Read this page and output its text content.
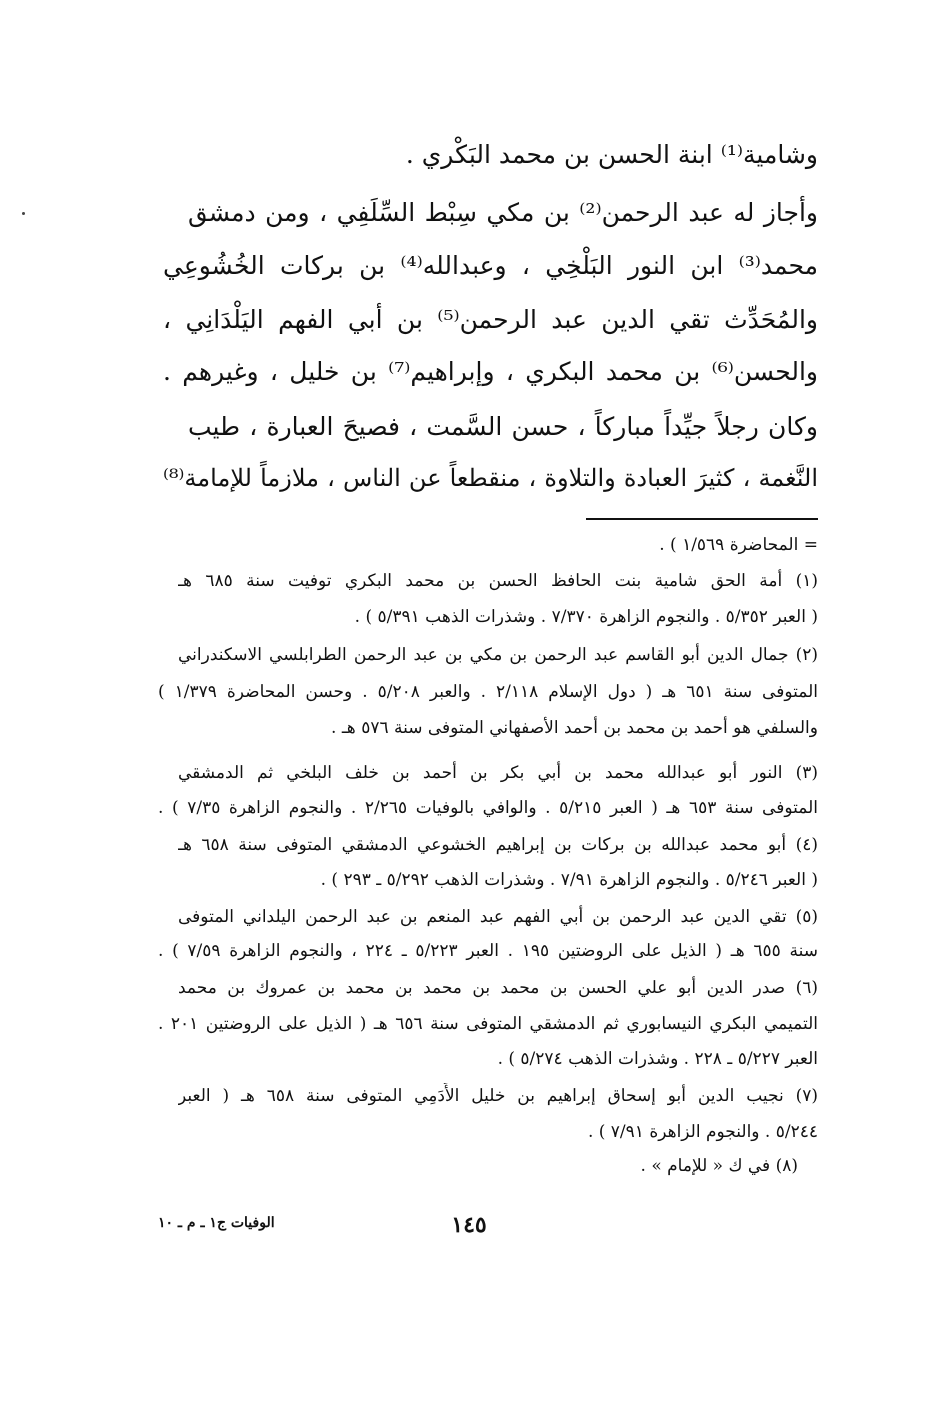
وشامية⁽¹⁾ ابنة الحسن بن محمد البَكْري .
وأجاز له عبد الرحمن⁽²⁾ بن مكي سِبْط السِّلَفِي ، ومن دمشق
محمد⁽³⁾ ابن النور البَلْخِي ، وعبدالله⁽⁴⁾ بن بركات الخُشُوعِي
والمُحَدِّث تقي الدين عبد الرحمن⁽⁵⁾ بن أبي الفهم اليَلْدَانِي ،
والحسن⁽⁶⁾ بن محمد البكري ، وإبراهيم⁽⁷⁾ بن خليل ، وغيرهم .
وكان رجلاً جيِّداً مباركاً ، حسن السَّمت ، فصيحَ العبارة ، طيب
النَّغمة ، كثيرَ العبادة والتلاوة ، منقطعاً عن الناس ، ملازماً للإمامة⁽⁸⁾
= المحاضرة ١/٥٦٩ ) .
(١) أمة الحق شامية بنت الحافظ الحسن بن محمد البكري توفيت سنة ٦٨٥ هـ
( العبر ٥/٣٥٢ . والنجوم الزاهرة ٧/٣٧٠ . وشذرات الذهب ٥/٣٩١ ) .
(٢) جمال الدين أبو القاسم عبد الرحمن بن مكي بن عبد الرحمن الطرابلسي الاسكندراني
المتوفى سنة ٦٥١ هـ ( دول الإسلام ٢/١١٨ . والعبر ٥/٢٠٨ . وحسن المحاضرة ١/٣٧٩ )
والسلفي هو أحمد بن محمد بن أحمد الأصفهاني المتوفى سنة ٥٧٦ هـ .
(٣) النور أبو عبدالله محمد بن أبي بكر بن أحمد بن خلف البلخي ثم الدمشقي
المتوفى سنة ٦٥٣ هـ ( العبر ٥/٢١٥ . والوافي بالوفيات ٢/٢٦٥ . والنجوم الزاهرة ٧/٣٥ ) .
(٤) أبو محمد عبدالله بن بركات بن إبراهيم الخشوعي الدمشقي المتوفى سنة ٦٥٨ هـ
( العبر ٥/٢٤٦ . والنجوم الزاهرة ٧/٩١ . وشذرات الذهب ٥/٢٩٢ ـ ٢٩٣ ) .
(٥) تقي الدين عبد الرحمن بن أبي الفهم عبد المنعم بن عبد الرحمن اليلداني المتوفى
سنة ٦٥٥ هـ ( الذيل على الروضتين ١٩٥ . العبر ٥/٢٢٣ ـ ٢٢٤ ، والنجوم الزاهرة ٧/٥٩ ) .
(٦) صدر الدين أبو علي الحسن بن محمد بن محمد بن محمد بن عمروك بن محمد
التميمي البكري النيسابوري ثم الدمشقي المتوفى سنة ٦٥٦ هـ ( الذيل على الروضتين ٢٠١ .
العبر ٥/٢٢٧ ـ ٢٢٨ . وشذرات الذهب ٥/٢٧٤ ) .
(٧) نجيب الدين أبو إسحاق إبراهيم بن خليل الأَدَمِي المتوفى سنة ٦٥٨ هـ ( العبر
٥/٢٤٤ . والنجوم الزاهرة ٧/٩١ ) .
(٨) في ك « للإمام » .
١٤٥
الوفيات ج١ ـ م ـ ١٠
